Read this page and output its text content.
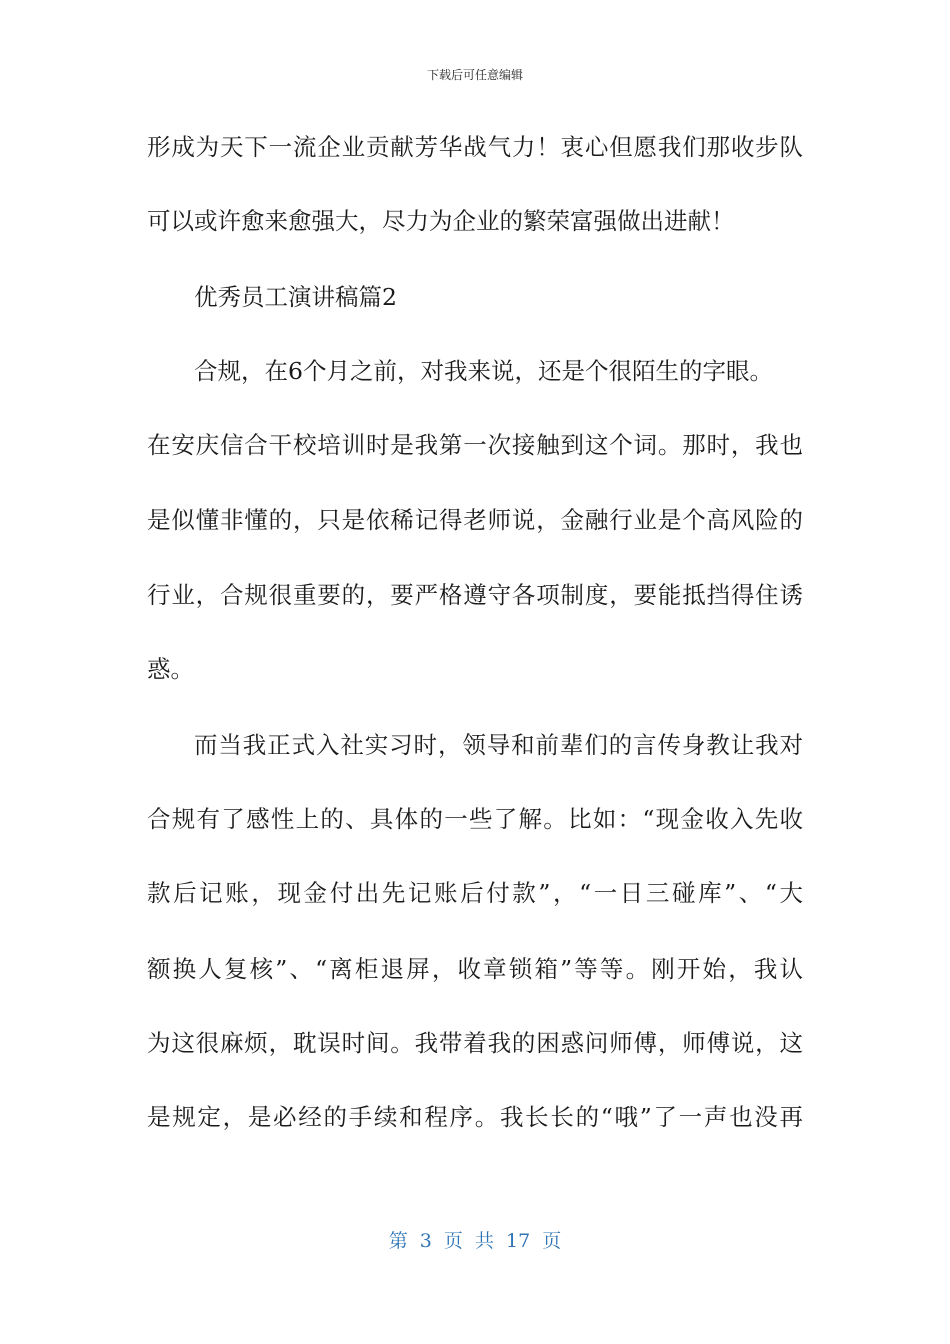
下载后可任意编辑
形成为天下一流企业贡献芳华战气力！衷心但愿我们那收步队
可以或许愈来愈强大，尽力为企业的繁荣富强做出进献！
优秀员工演讲稿篇2
合规，在6个月之前，对我来说，还是个很陌生的字眼。
在安庆信合干校培训时是我第一次接触到这个词。那时，我也
是似懂非懂的，只是依稀记得老师说，金融行业是个高风险的
行业，合规很重要的，要严格遵守各项制度，要能抵挡得住诱
惑。
而当我正式入社实习时，领导和前辈们的言传身教让我对
合规有了感性上的、具体的一些了解。比如：“现金收入先收
款后记账，现金付出先记账后付款”，“一日三碰库”、“大
额换人复核”、“离柜退屏，收章锁箱”等等。刚开始，我认
为这很麻烦，耽误时间。我带着我的困惑问师傅，师傅说，这
是规定，是必经的手续和程序。我长长的“哦”了一声也没再
第 3 页 共 17 页
